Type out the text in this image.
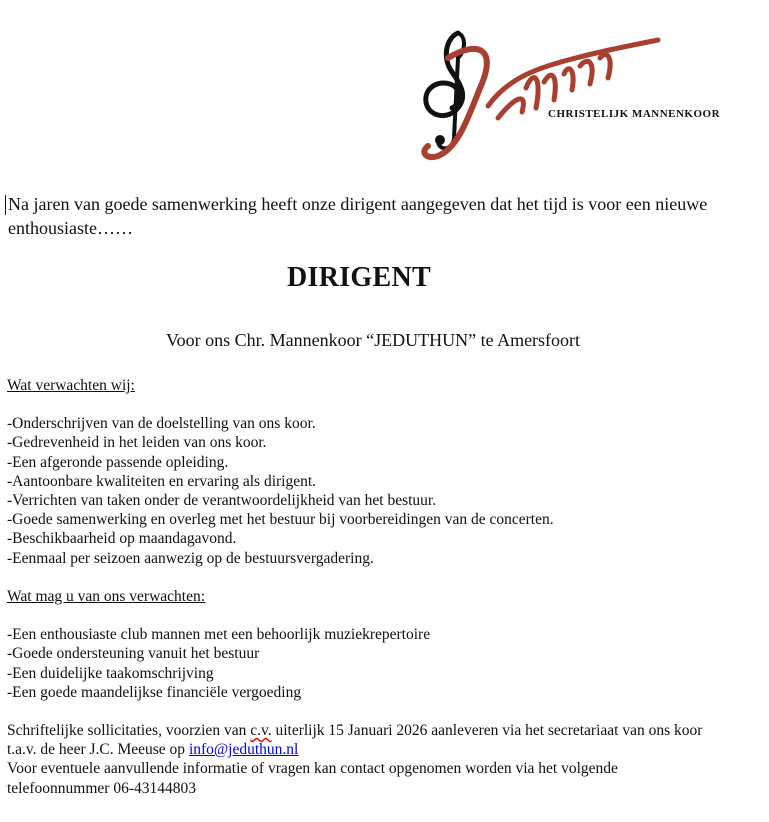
CHRISTELIJK MANNENKOOR
Na jaren van goede samenwerking heeft onze dirigent aangegeven dat het tijd is voor een nieuwe enthousiaste……
DIRIGENT
Voor ons Chr. Mannenkoor “JEDUTHUN” te Amersfoort
Wat verwachten wij:
-Onderschrijven van de doelstelling van ons koor.
-Gedrevenheid in het leiden van ons koor.
-Een afgeronde passende opleiding.
-Aantoonbare kwaliteiten en ervaring als dirigent.
-Verrichten van taken onder de verantwoordelijkheid van het bestuur.
-Goede samenwerking en overleg met het bestuur bij voorbereidingen van de concerten.
-Beschikbaarheid op maandagavond.
-Eenmaal per seizoen aanwezig op de bestuursvergadering.
Wat mag u van ons verwachten:
-Een enthousiaste club mannen met een behoorlijk muziekrepertoire
-Goede ondersteuning vanuit het bestuur
-Een duidelijke taakomschrijving
-Een goede maandelijkse financiële vergoeding
Schriftelijke sollicitaties, voorzien van c.v. uiterlijk 15 Januari 2026 aanleveren via het secretariaat van ons koor
t.a.v. de heer J.C. Meeuse op info@jeduthun.nl
Voor eventuele aanvullende informatie of vragen kan contact opgenomen worden via het volgende
telefoonnummer 06-43144803
